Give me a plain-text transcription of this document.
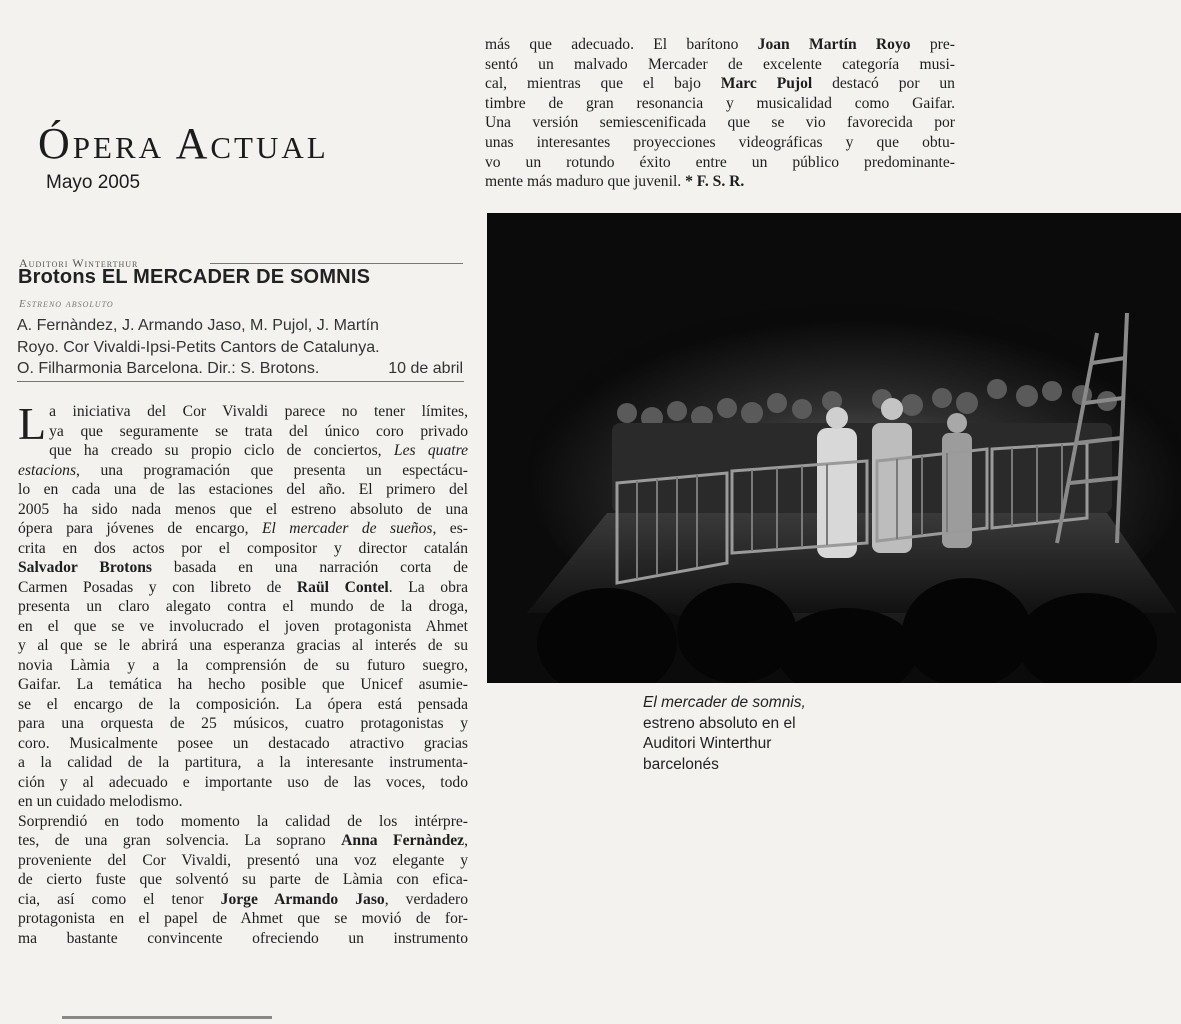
Ópera Actual
Mayo 2005
Auditori Winterthur
Brotons EL MERCADER DE SOMNIS
Estreno absoluto
A. Fernàndez, J. Armando Jaso, M. Pujol, J. Martín
Royo. Cor Vivaldi-Ipsi-Petits Cantors de Catalunya.
O. Filharmonia Barcelona. Dir.: S. Brotons.	10 de abril
L a iniciativa del Cor Vivaldi parece no tener límites,
ya que seguramente se trata del único coro privado
que ha creado su propio ciclo de conciertos, Les quatre
estacions, una programación que presenta un espectácu-
lo en cada una de las estaciones del año. El primero del
2005 ha sido nada menos que el estreno absoluto de una
ópera para jóvenes de encargo, El mercader de sueños, es-
crita en dos actos por el compositor y director catalán
Salvador Brotons basada en una narración corta de
Carmen Posadas y con libreto de Raül Contel. La obra
presenta un claro alegato contra el mundo de la droga,
en el que se ve involucrado el joven protagonista Ahmet
y al que se le abrirá una esperanza gracias al interés de su
novia Làmia y a la comprensión de su futuro suegro,
Gaifar. La temática ha hecho posible que Unicef asumie-
se el encargo de la composición. La ópera está pensada
para una orquesta de 25 músicos, cuatro protagonistas y
coro. Musicalmente posee un destacado atractivo gracias
a la calidad de la partitura, a la interesante instrumenta-
ción y al adecuado e importante uso de las voces, todo
en un cuidado melodismo.
Sorprendió en todo momento la calidad de los intérpre-
tes, de una gran solvencia. La soprano Anna Fernàndez,
proveniente del Cor Vivaldi, presentó una voz elegante y
de cierto fuste que solventó su parte de Làmia con efica-
cia, así como el tenor Jorge Armando Jaso, verdadero
protagonista en el papel de Ahmet que se movió de for-
ma bastante convincente ofreciendo un instrumento
más que adecuado. El barítono Joan Martín Royo pre-
sentó un malvado Mercader de excelente categoría musi-
cal, mientras que el bajo Marc Pujol destacó por un
timbre de gran resonancia y musicalidad como Gaifar.
Una versión semiescenificada que se vio favorecida por
unas interesantes proyecciones videográficas y que obtu-
vo un rotundo éxito entre un público predominante-
mente más maduro que juvenil. * F. S. R.
El mercader de somnis,
estreno absoluto en el
Auditori Winterthur
barcelonés
